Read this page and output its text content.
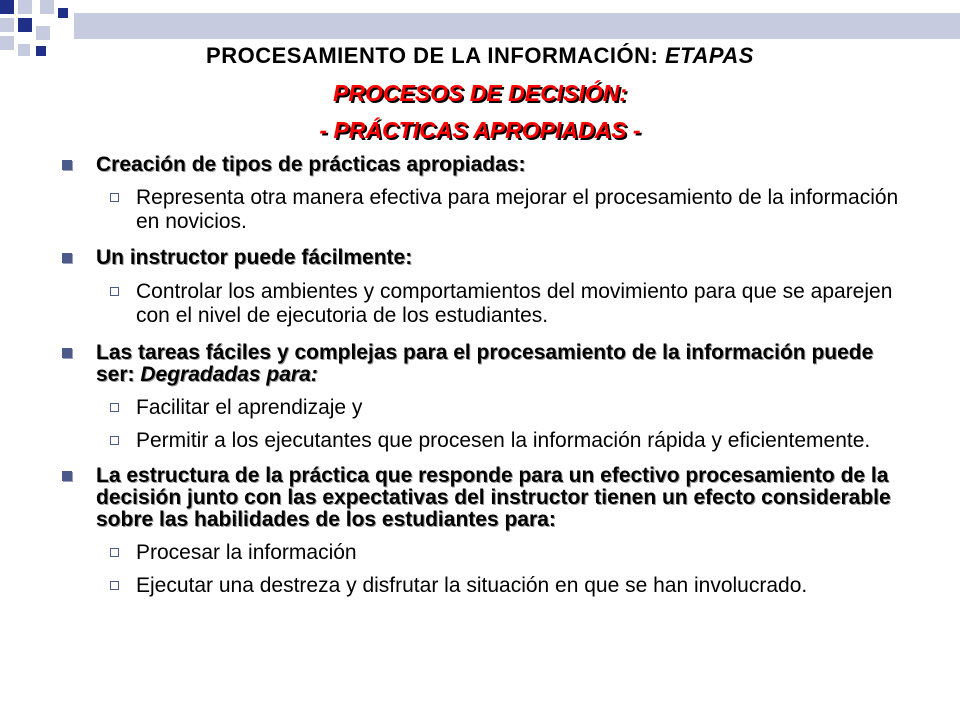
PROCESAMIENTO DE LA INFORMACIÓN: ETAPAS
PROCESOS DE DECISIÓN:
- PRÁCTICAS APROPIADAS -
Creación de tipos de prácticas apropiadas:
Representa otra manera efectiva para mejorar el procesamiento de la información en novicios.
Un instructor puede fácilmente:
Controlar los ambientes y comportamientos del movimiento para que se aparejen con el nivel de ejecutoria de los estudiantes.
Las tareas fáciles y complejas para el procesamiento de la información puede ser: Degradadas para:
Facilitar el aprendizaje y
Permitir a los ejecutantes que procesen la información rápida y eficientemente.
La estructura de la práctica que responde para un efectivo procesamiento de la decisión junto con las expectativas del instructor tienen un efecto considerable sobre las habilidades de los estudiantes para:
Procesar la información
Ejecutar una destreza y disfrutar la situación en que se han involucrado.
